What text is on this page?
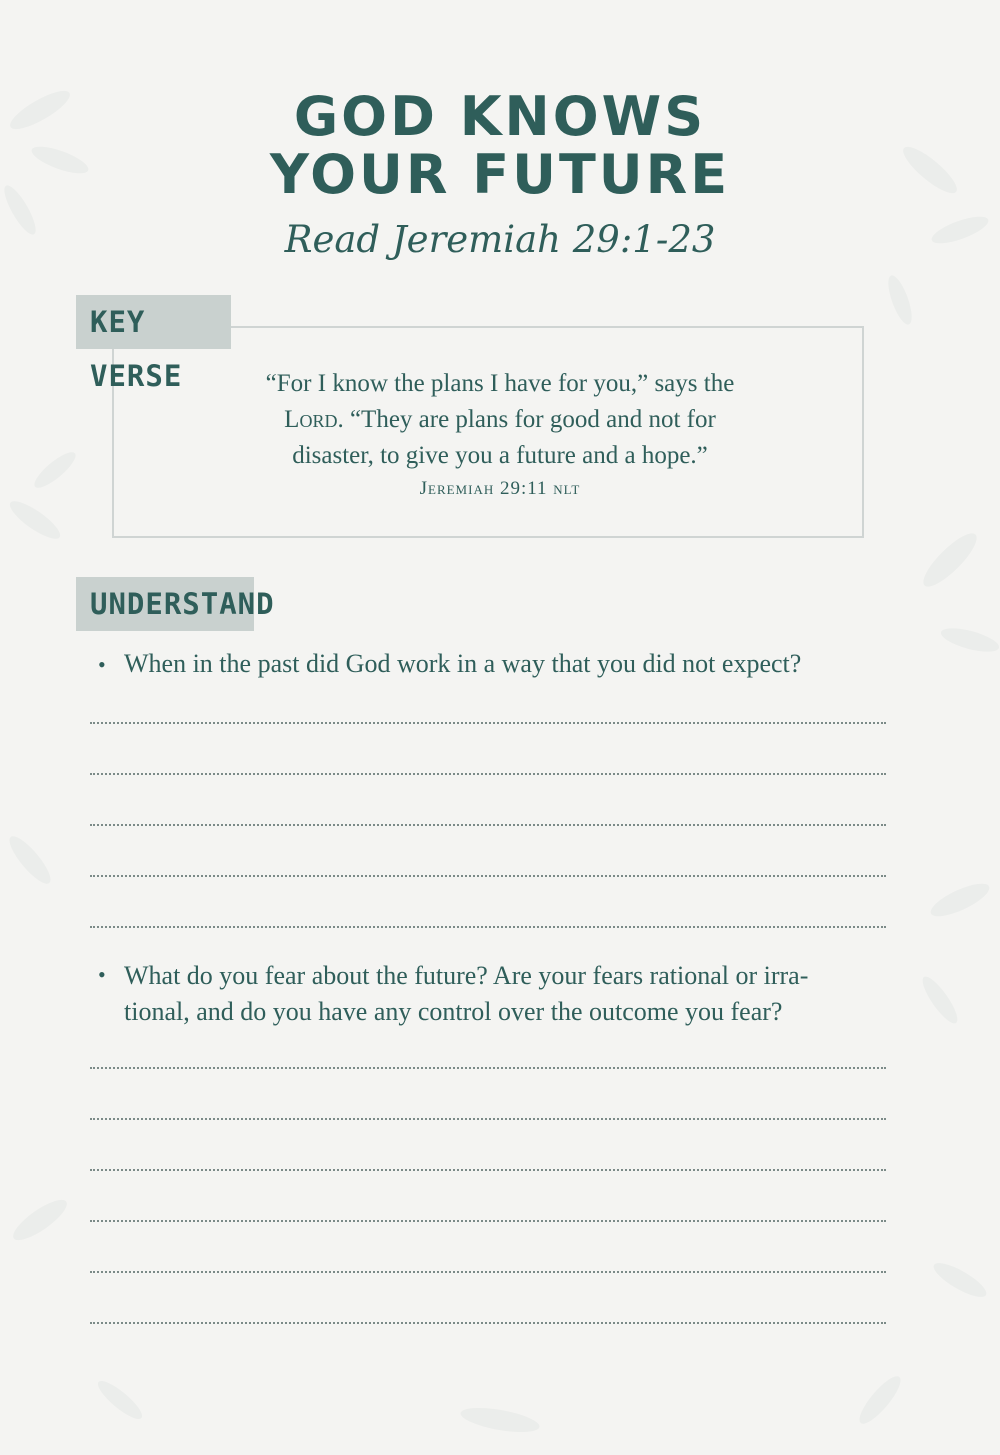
GOD KNOWS
YOUR FUTURE
Read Jeremiah 29:1-23
KEY VERSE	“For I know the plans I have for you,” says the
Lord. “They are plans for good and not for
disaster, to give you a future and a hope.”
Jeremiah 29:11 nlt
UNDERSTAND
• When in the past did God work in a way that you did not expect?
• What do you fear about the future? Are your fears rational or irra-
tional, and do you have any control over the outcome you fear?
